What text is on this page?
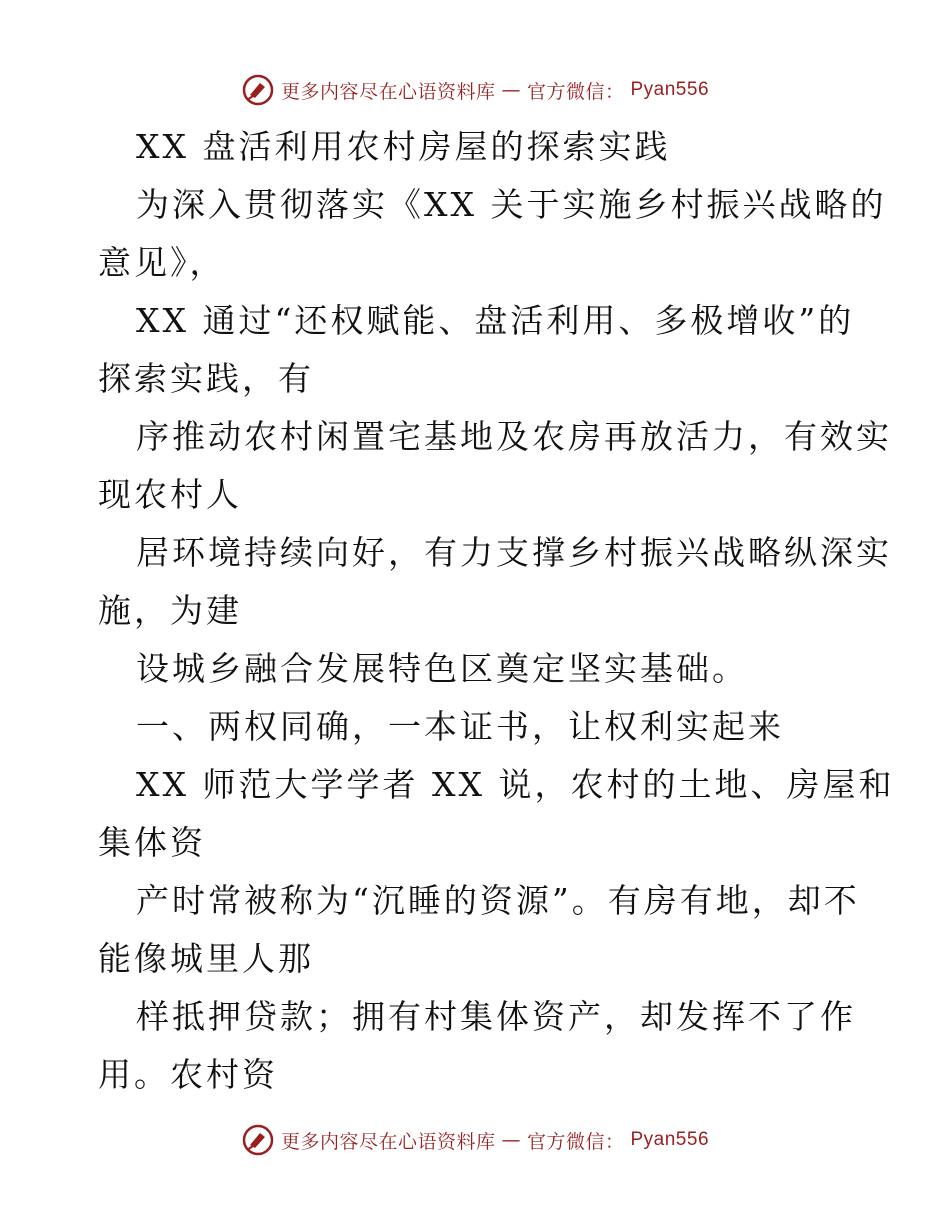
更多内容尽在心语资料库 — 官方微信： Pyan556
XX 盘活利用农村房屋的探索实践
为深入贯彻落实《XX 关于实施乡村振兴战略的
意见》，
XX 通过“还权赋能、盘活利用、多极增收”的
探索实践，有
序推动农村闲置宅基地及农房再放活力，有效实
现农村人
居环境持续向好，有力支撑乡村振兴战略纵深实
施，为建
设城乡融合发展特色区奠定坚实基础。
一、两权同确，一本证书，让权利实起来
XX 师范大学学者 XX 说，农村的土地、房屋和
集体资
产时常被称为“沉睡的资源”。有房有地，却不
能像城里人那
样抵押贷款；拥有村集体资产，却发挥不了作
用。农村资
更多内容尽在心语资料库 — 官方微信： Pyan556
